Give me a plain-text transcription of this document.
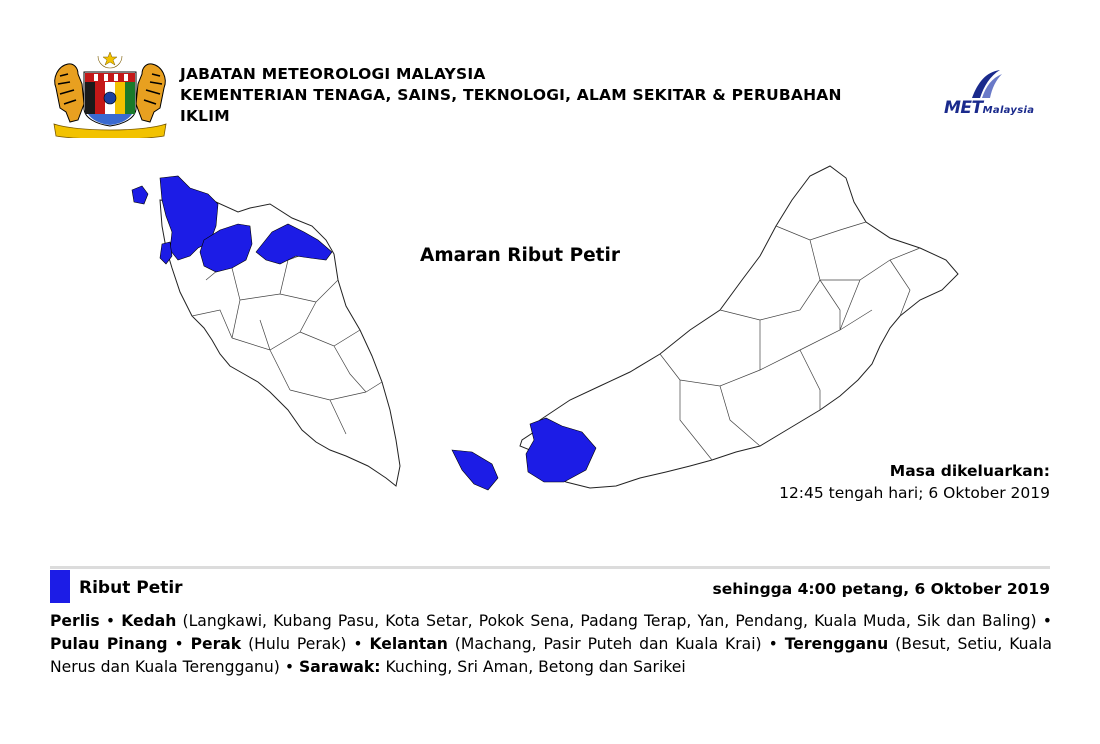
JABATAN METEOROLOGI MALAYSIA
KEMENTERIAN TENAGA, SAINS, TEKNOLOGI, ALAM SEKITAR & PERUBAHAN
IKLIM	METMalaysia
Amaran Ribut Petir
Masa dikeluarkan:
12:45 tengah hari; 6 Oktober 2019
Ribut Petir	sehingga 4:00 petang, 6 Oktober 2019
Perlis • Kedah (Langkawi, Kubang Pasu, Kota Setar, Pokok Sena, Padang Terap, Yan, Pendang, Kuala Muda, Sik dan Baling) • Pulau Pinang • Perak (Hulu Perak) • Kelantan (Machang, Pasir Puteh dan Kuala Krai) • Terengganu (Besut, Setiu, Kuala Nerus dan Kuala Terengganu) • Sarawak: Kuching, Sri Aman, Betong dan Sarikei
